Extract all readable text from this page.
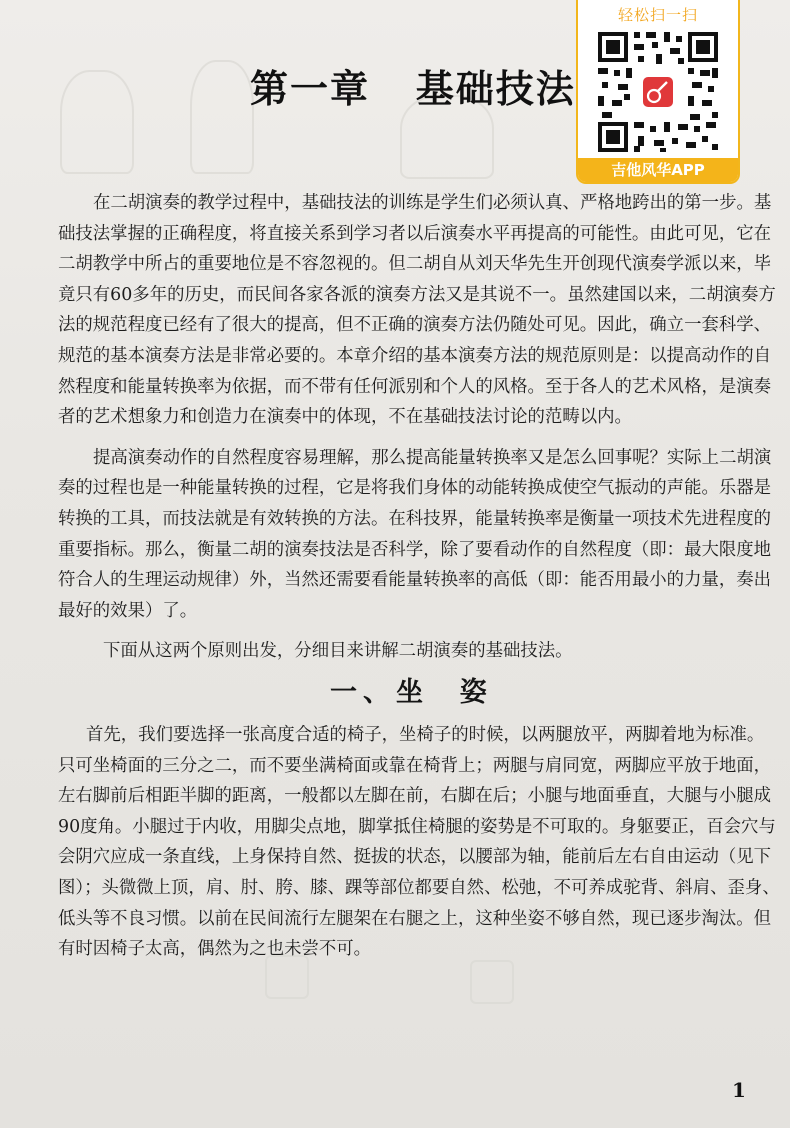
第一章   基础技法
轻松扫一扫
吉他风华APP

在二胡演奏的教学过程中，基础技法的训练是学生们必须认真、严格地跨出的第一步。基
础技法掌握的正确程度，将直接关系到学习者以后演奏水平再提高的可能性。由此可见，它在
二胡教学中所占的重要地位是不容忽视的。但二胡自从刘天华先生开创现代演奏学派以来，毕
竟只有60多年的历史，而民间各家各派的演奏方法又是其说不一。虽然建国以来，二胡演奏方
法的规范程度已经有了很大的提高，但不正确的演奏方法仍随处可见。因此，确立一套科学、
规范的基本演奏方法是非常必要的。本章介绍的基本演奏方法的规范原则是：以提高动作的自
然程度和能量转换率为依据，而不带有任何派别和个人的风格。至于各人的艺术风格，是演奏
者的艺术想象力和创造力在演奏中的体现，不在基础技法讨论的范畴以内。

提高演奏动作的自然程度容易理解，那么提高能量转换率又是怎么回事呢？实际上二胡演
奏的过程也是一种能量转换的过程，它是将我们身体的动能转换成使空气振动的声能。乐器是
转换的工具，而技法就是有效转换的方法。在科技界，能量转换率是衡量一项技术先进程度的
重要指标。那么，衡量二胡的演奏技法是否科学，除了要看动作的自然程度（即：最大限度地
符合人的生理运动规律）外，当然还需要看能量转换率的高低（即：能否用最小的力量，奏出
最好的效果）了。

下面从这两个原则出发，分细目来讲解二胡演奏的基础技法。

一、坐  姿

首先，我们要选择一张高度合适的椅子，坐椅子的时候，以两腿放平，两脚着地为标准。
只可坐椅面的三分之二，而不要坐满椅面或靠在椅背上；两腿与肩同宽，两脚应平放于地面，
左右脚前后相距半脚的距离，一般都以左脚在前，右脚在后；小腿与地面垂直，大腿与小腿成
90度角。小腿过于内收，用脚尖点地，脚掌抵住椅腿的姿势是不可取的。身躯要正，百会穴与
会阴穴应成一条直线，上身保持自然、挺拔的状态，以腰部为轴，能前后左右自由运动（见下
图）；头微微上顶，肩、肘、胯、膝、踝等部位都要自然、松弛，不可养成驼背、斜肩、歪身、
低头等不良习惯。以前在民间流行左腿架在右腿之上，这种坐姿不够自然，现已逐步淘汰。但
有时因椅子太高，偶然为之也未尝不可。

1
